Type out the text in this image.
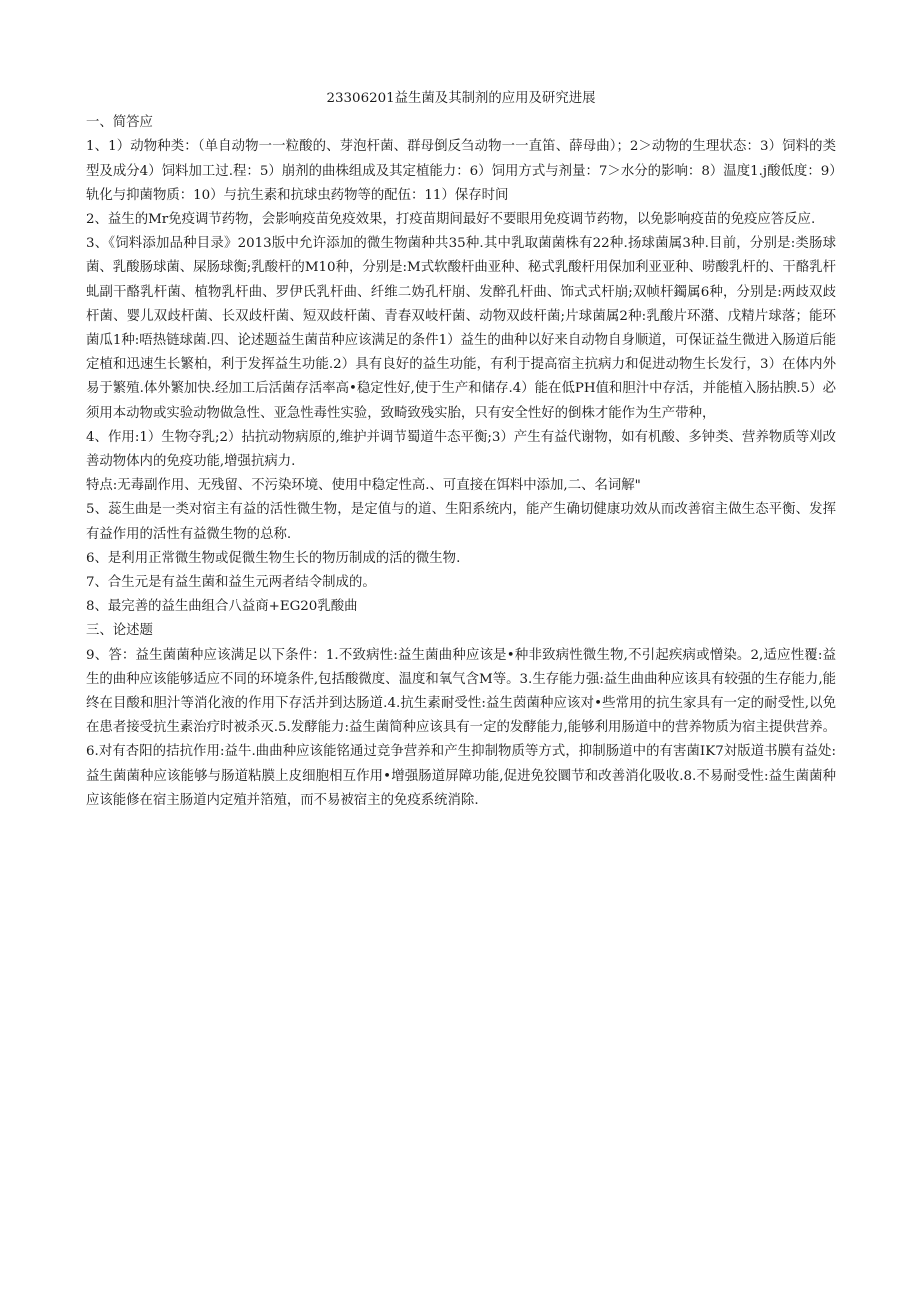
23306201益生菌及其制剂的应用及研究进展

一、简答应

1、1）动物种类：（单自动物一一粒酸的、芽泡杆菌、群母倒反刍动物一一直笛、薛母曲）；2＞动物的生理状态：3）饲料的类型及成分4）饲料加工过.程：5）崩剂的曲株组成及其定植能力：6）饲用方式与剂量：7＞水分的影响：8）温度1.j酸低度：9）轨化与抑菌物质：10）与抗生素和抗球虫药物等的配伍：11）保存时间

2、益生的Mr免疫调节药物，会影响疫苗免疫效果，打疫苗期间最好不要眼用免疫调节药物，以免影响疫苗的免疫应答反应.

3、《饲料添加品种目录》2013版中允许添加的微生物菌种共35种.其中乳取菌菌株有22种.扬球菌属3种.目前，分别是:类肠球菌、乳酸肠球菌、屎肠球衡;乳酸杆的M10种，分别是:M式软酸杆曲亚种、秘式乳酸杆用保加利亚亚种、唠酸乳杆的、干酪乳杆虬副干酪乳杆菌、植物乳杆曲、罗伊氏乳杆曲、纤维二妫孔杆崩、发醉孔杆曲、饰式式杆崩;双帧杆鐲属6种，分别是:两歧双歧杆菌、婴儿双歧杆菌、长双歧杆菌、短双歧杆菌、青春双岐杆菌、动物双歧杆菌;片球菌属2种:乳酸片环潴、戊精片球落；能环菌瓜1种:唔热链球菌.四、论述题益生菌苗种应该满足的条件1）益生的曲种以好来自动物自身顺道，可保证益生微进入肠道后能定植和迅速生长繁柏，利于发挥益生功能.2）具有良好的益生功能，有利于提高宿主抗病力和促进动物生长发行，3）在体内外易于繁殖.体外繁加快.经加工后活菌存活率高•稳定性好,使于生产和储存.4）能在低PH值和胆汁中存活，并能植入肠拈腴.5）必须用本动物或实验动物做急性、亚急性毒性实验，致畸致残实胎，只有安全性好的倒株才能作为生产带种，

4、作用:1）生物夺乳;2）拈抗动物病原的,维护并调节蜀道牛态平衡;3）产生有益代谢物，如有机酸、多钟类、营养物质等刈改善动物体内的免疫功能,增强抗病力.

特点:无毒副作用、无残留、不污染环境、使用中稳定性高.、可直接在饵料中添加,二、名词解"

5、蕊生曲是一类对宿主有益的活性微生物，是定值与的道、生阳系统内，能产生确切健康功效从而改善宿主做生态平衡、发挥有益作用的活性有益微生物的总称.

6、是利用正常微生物或促微生物生长的物历制成的活的微生物.

7、合生元是有益生菌和益生元两者结令制成的。

8、最完善的益生曲组合八益商+EG20乳酸曲

三、论述题

9、答：益生菌菌种应该满足以下条件：1.不致病性:益生菌曲种应该是•种非致病性微生物,不引起疾病或憎染。2,适应性覆:益生的曲种应该能够适应不同的环境条件,包括酸微度、温度和氧气含M等。3.生存能力强:益生曲曲种应该具有较强的生存能力,能终在目酸和胆汁等消化液的作用下存活并到达肠道.4.抗生素耐受性:益生茵菌种应该对•些常用的抗生家具有一定的耐受性,以免在患者接受抗生素治疗时被杀灭.5.发酵能力:益生菌简种应该具有一定的发酵能力,能够利用肠道中的营养物质为宿主提供营养。6.对有杏阳的拮抗作用:益牛.曲曲种应该能铭通过竞争营养和产生抑制物质等方式，抑制肠道中的有害菌IK7対版道书膜有益处:益生菌菌种应该能够与肠道粘膜上皮细胞相互作用•增强肠道屏障功能,促进免狡圜节和改善消化吸收.8.不易耐受性:益生菌菌种应该能修在宿主肠道内定殖并箔殖，而不易被宿主的免疫系统消除.
